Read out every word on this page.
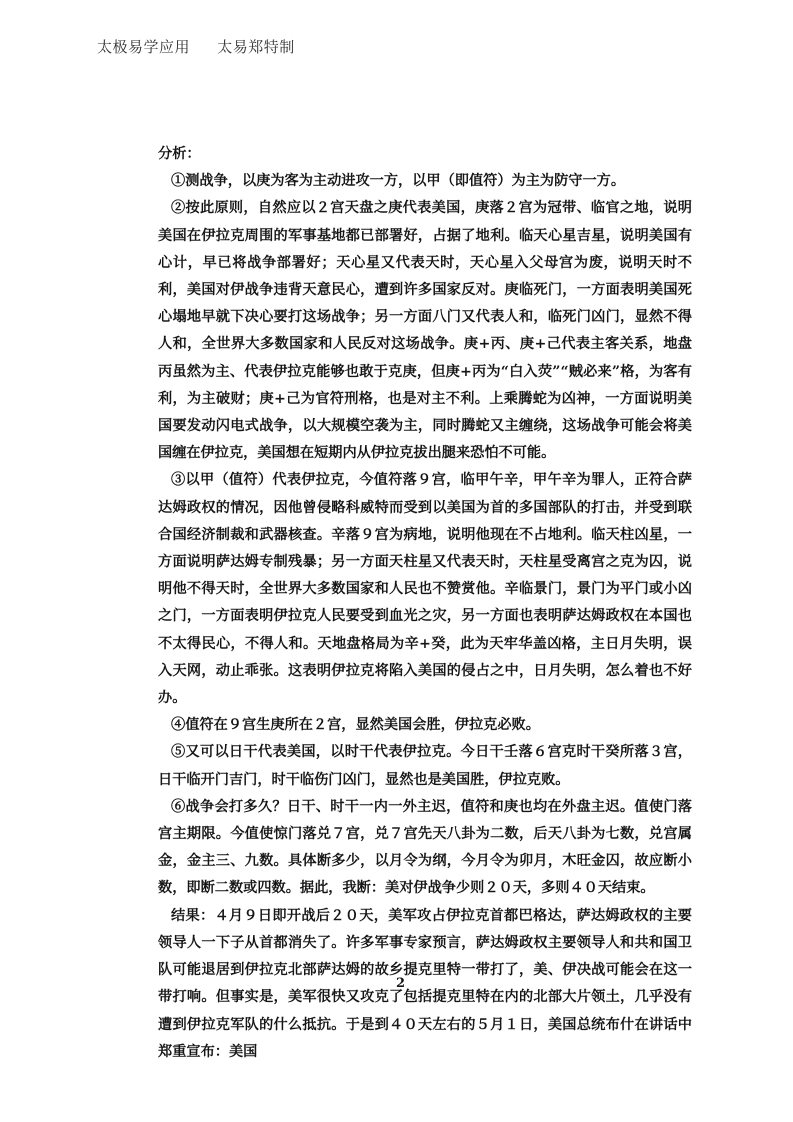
太极易学应用 太易郑特制

分析：

①测战争，以庚为客为主动进攻一方，以甲（即值符）为主为防守一方。

②按此原则，自然应以２宫天盘之庚代表美国，庚落２宫为冠带、临官之地，说明美国在伊拉克周围的军事基地都已部署好，占据了地利。临天心星吉星，说明美国有心计，早已将战争部署好；天心星又代表天时，天心星入父母宫为废，说明天时不利，美国对伊战争违背天意民心，遭到许多国家反对。庚临死门，一方面表明美国死心塌地早就下决心要打这场战争；另一方面八门又代表人和，临死门凶门，显然不得人和，全世界大多数国家和人民反对这场战争。庚+丙、庚+己代表主客关系，地盘丙虽然为主、代表伊拉克能够也敢于克庚，但庚+丙为“白入荧”“贼必来”格，为客有利，为主破财；庚+己为官符刑格，也是对主不利。上乘腾蛇为凶神，一方面说明美国要发动闪电式战争，以大规模空袭为主，同时腾蛇又主缠绕，这场战争可能会将美国缠在伊拉克，美国想在短期内从伊拉克拔出腿来恐怕不可能。

③以甲（值符）代表伊拉克，今值符落９宫，临甲午辛，甲午辛为罪人，正符合萨达姆政权的情况，因他曾侵略科威特而受到以美国为首的多国部队的打击，并受到联合国经济制裁和武器核查。辛落９宫为病地，说明他现在不占地利。临天柱凶星，一方面说明萨达姆专制残暴；另一方面天柱星又代表天时，天柱星受离宫之克为囚，说明他不得天时，全世界大多数国家和人民也不赞赏他。辛临景门，景门为平门或小凶之门，一方面表明伊拉克人民要受到血光之灾，另一方面也表明萨达姆政权在本国也不太得民心，不得人和。天地盘格局为辛+癸，此为天牢华盖凶格，主日月失明，误入天网，动止乖张。这表明伊拉克将陷入美国的侵占之中，日月失明，怎么着也不好办。

④值符在９宫生庚所在２宫，显然美国会胜，伊拉克必败。

⑤又可以日干代表美国，以时干代表伊拉克。今日干壬落６宫克时干癸所落３宫，日干临开门吉门，时干临伤门凶门，显然也是美国胜，伊拉克败。

⑥战争会打多久？日干、时干一内一外主迟，值符和庚也均在外盘主迟。值使门落宫主期限。今值使惊门落兑７宫，兑７宫先天八卦为二数，后天八卦为七数，兑宫属金，金主三、九数。具体断多少，以月令为纲，今月令为卯月，木旺金囚，故应断小数，即断二数或四数。据此，我断：美对伊战争少则２０天，多则４０天结束。

结果：４月９日即开战后２０天，美军攻占伊拉克首都巴格达，萨达姆政权的主要领导人一下子从首都消失了。许多军事专家预言，萨达姆政权主要领导人和共和国卫队可能退居到伊拉克北部萨达姆的故乡提克里特一带打了，美、伊决战可能会在这一带打响。但事实是，美军很快又攻克了包括提克里特在内的北部大片领土，几乎没有遭到伊拉克军队的什么抵抗。于是到４０天左右的５月１日，美国总统布什在讲话中郑重宣布：美国

2
